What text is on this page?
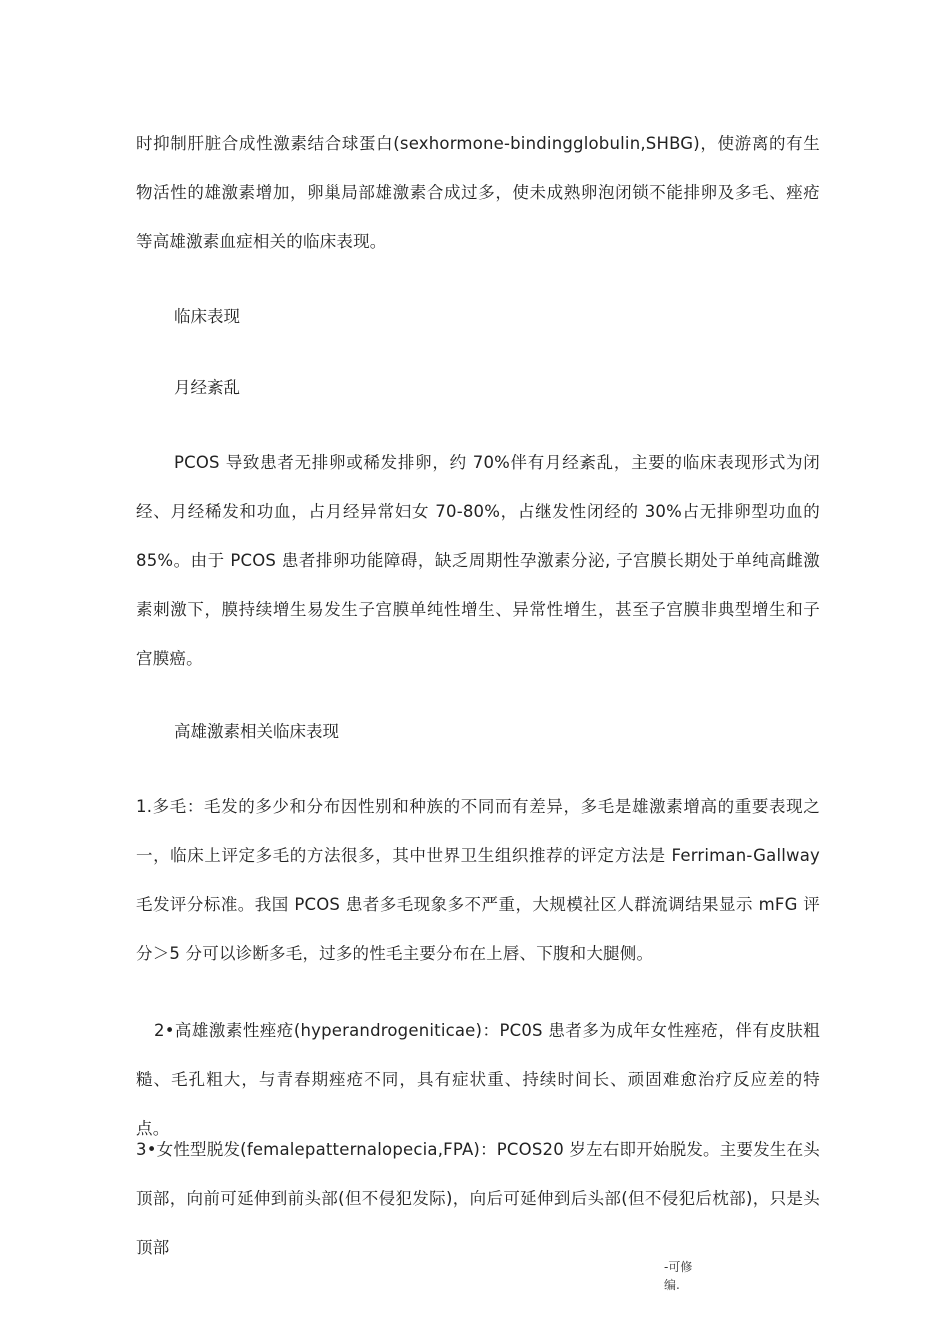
时抑制肝脏合成性激素结合球蛋白(sexhormone-bindingglobulin,SHBG)，使游离的有生物活性的雄激素增加，卵巢局部雄激素合成过多，使未成熟卵泡闭锁不能排卵及多毛、痤疮等高雄激素血症相关的临床表现。

临床表现

月经紊乱

PCOS 导致患者无排卵或稀发排卵，约 70%伴有月经紊乱，主要的临床表现形式为闭经、月经稀发和功血，占月经异常妇女 70-80%，占继发性闭经的 30%占无排卵型功血的 85%。由于 PCOS 患者排卵功能障碍，缺乏周期性孕激素分泌, 子宫膜长期处于单纯高雌激素刺激下，膜持续增生易发生子宫膜单纯性增生、异常性增生，甚至子宫膜非典型增生和子宫膜癌。

高雄激素相关临床表现

1.多毛：毛发的多少和分布因性别和种族的不同而有差异，多毛是雄激素增高的重要表现之一，临床上评定多毛的方法很多，其中世界卫生组织推荐的评定方法是 Ferriman-Gallway 毛发评分标准。我国 PCOS 患者多毛现象多不严重，大规模社区人群流调结果显示 mFG 评分＞5 分可以诊断多毛，过多的性毛主要分布在上唇、下腹和大腿侧。

2•高雄激素性痤疮(hyperandrogeniticae)：PC0S 患者多为成年女性痤疮，伴有皮肤粗糙、毛孔粗大，与青春期痤疮不同，具有症状重、持续时间长、顽固难愈治疗反应差的特点。

3•女性型脱发(femalepatternalopecia,FPA)：PCOS20 岁左右即开始脱发。主要发生在头顶部，向前可延伸到前头部(但不侵犯发际)，向后可延伸到后头部(但不侵犯后枕部)，只是头顶部

-可修
编.
